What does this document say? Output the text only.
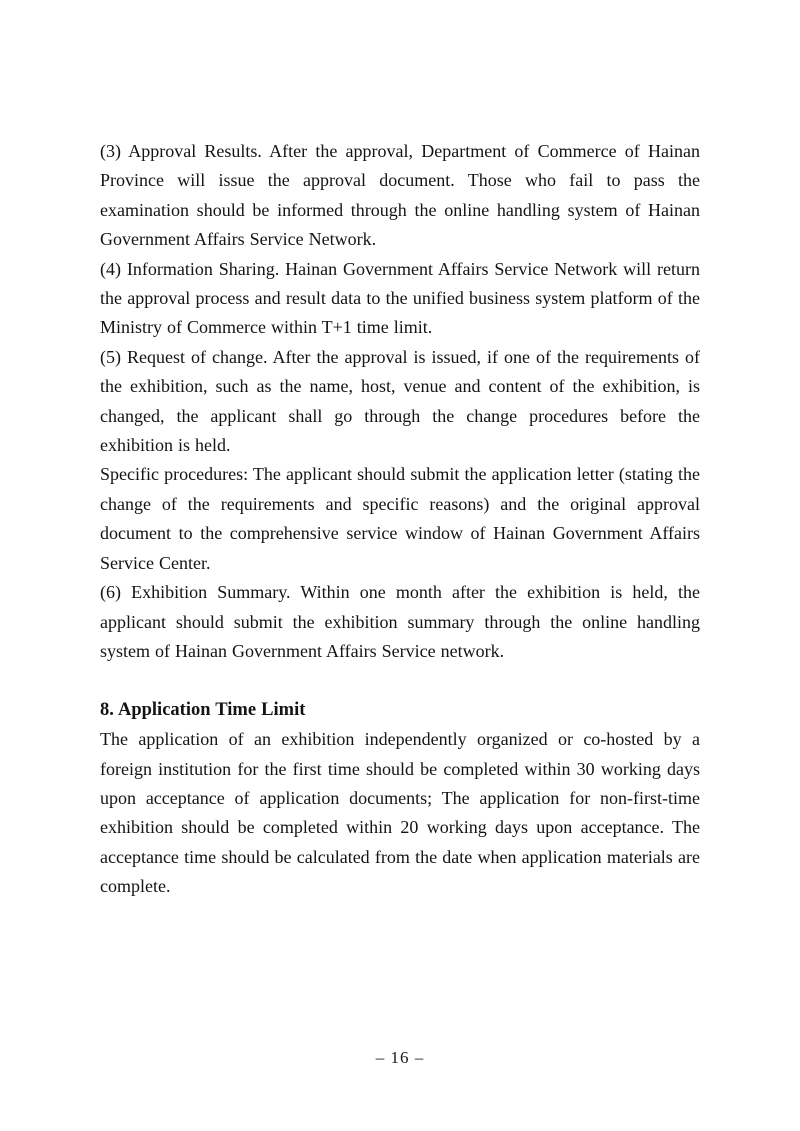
(3) Approval Results. After the approval, Department of Commerce of Hainan Province will issue the approval document. Those who fail to pass the examination should be informed through the online handling system of Hainan Government Affairs Service Network.

(4) Information Sharing. Hainan Government Affairs Service Network will return the approval process and result data to the unified business system platform of the Ministry of Commerce within T+1 time limit.

(5) Request of change. After the approval is issued, if one of the requirements of the exhibition, such as the name, host, venue and content of the exhibition, is changed, the applicant shall go through the change procedures before the exhibition is held.

Specific procedures: The applicant should submit the application letter (stating the change of the requirements and specific reasons) and the original approval document to the comprehensive service window of Hainan Government Affairs Service Center.

(6) Exhibition Summary. Within one month after the exhibition is held, the applicant should submit the exhibition summary through the online handling system of Hainan Government Affairs Service network.

8. Application Time Limit

The application of an exhibition independently organized or co-hosted by a foreign institution for the first time should be completed within 30 working days upon acceptance of application documents; The application for non-first-time exhibition should be completed within 20 working days upon acceptance. The acceptance time should be calculated from the date when application materials are complete.

– 16 –
